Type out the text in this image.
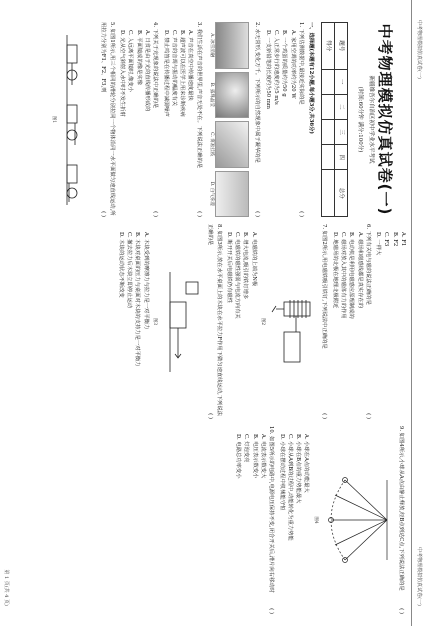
中考物理模拟仿真试卷(一)
中考物理模拟仿真试卷(一)
中考物理模拟仿真试卷(一)
新疆维吾尔自治区初中学业水平考试
(时间:60分钟 满分:100分)
题号	一	二	三	四	总分
得分					
一、选择题(本题有12小题,每小题3分,共36分)
1. 下列估测数据中,最接近实际的是
( )
A. 家用空调的功率约为20 W
B. 一个鸡蛋的质量约为50 g
C. 人正常步行的速度约为5 m/s
D. 一支新铅笔的长度约为50 mm
2. 水无常形,变化万千。下列所示的自然现象中属于凝华的是
( )
A. 冰雪消融
B. 露珠晶莹
C. 雾凇挂枝
D. 白气弥漫
3. 我们生活在声音的世界里,声音无处不在。下列说法正确的是
( )
A. 声音在真空中传播速度最快
B. 超声波可以在医学上用来诊断疾病
C. 声音的音调与振动的幅度有关
D. 禁止鸣笛是在传播过程中减弱噪声
4. 下列关于光现象的说法中正确的是
( )
A. 日食是由于光的直线传播形成的
B. 平面镜成的像是实像
C. 人远离平面镜时,像变小
D. 光从空气斜射入水中时不发生折射
5. 如图1所示,用三个相同的滑轮分别拉同一个物体沿同一水平面做匀速直线运动,所用拉力分别为F1、F2、F3,则
( )
图1
A. F1
B. F2
C. F3
D. 一样大
6. 下列有关电与磁的说法正确的是
( )
A. 磁场和磁感线都是真实存在的
B. 电动机是利用电磁感应原理制成的
C. 磁场对放入其中的磁体有力的作用
D. 地磁场的北极在地理北极附近
7. 如图2所示,用电磁铁吸引铁钉,下列说法中正确的是
( )
图2
A. 电磁铁的上端为N极
B. 增大电流,吸引的铁钉增多
C. 电磁铁的磁性强弱与电流方向有关
D. 断开开关后电磁铁仍有磁性
8. 如图3所示,放在水平桌面上的木块在水平拉力F作用下做匀速直线运动,下列说法正确的是
( )
图3
A. 木块受到的摩擦力与拉力是一对平衡力
B. 木块对桌面的压力与桌面对木块的支持力是一对平衡力
C. 撤去拉力后木块立即停止运动
D. 木块的运动状态不断改变
9. 如图4所示,小球从A点由静止释放,经B点到达C点,下列说法正确的是
( )
图4
A. 小球在A点的动能最大
B. 小球在B点的重力势能最大
C. 小球从A到B的过程中,动能转化为重力势能
D. 小球在摆动过程中机械能守恒
10. 如图5所示的电路中,电源电压保持不变,闭合开关后,滑片向右移动时
( )
A. 电流表示数变大
B. 电压表示数变小
C. 灯泡变亮
D. 电路总功率变小
第 1 页(共 4 页)
